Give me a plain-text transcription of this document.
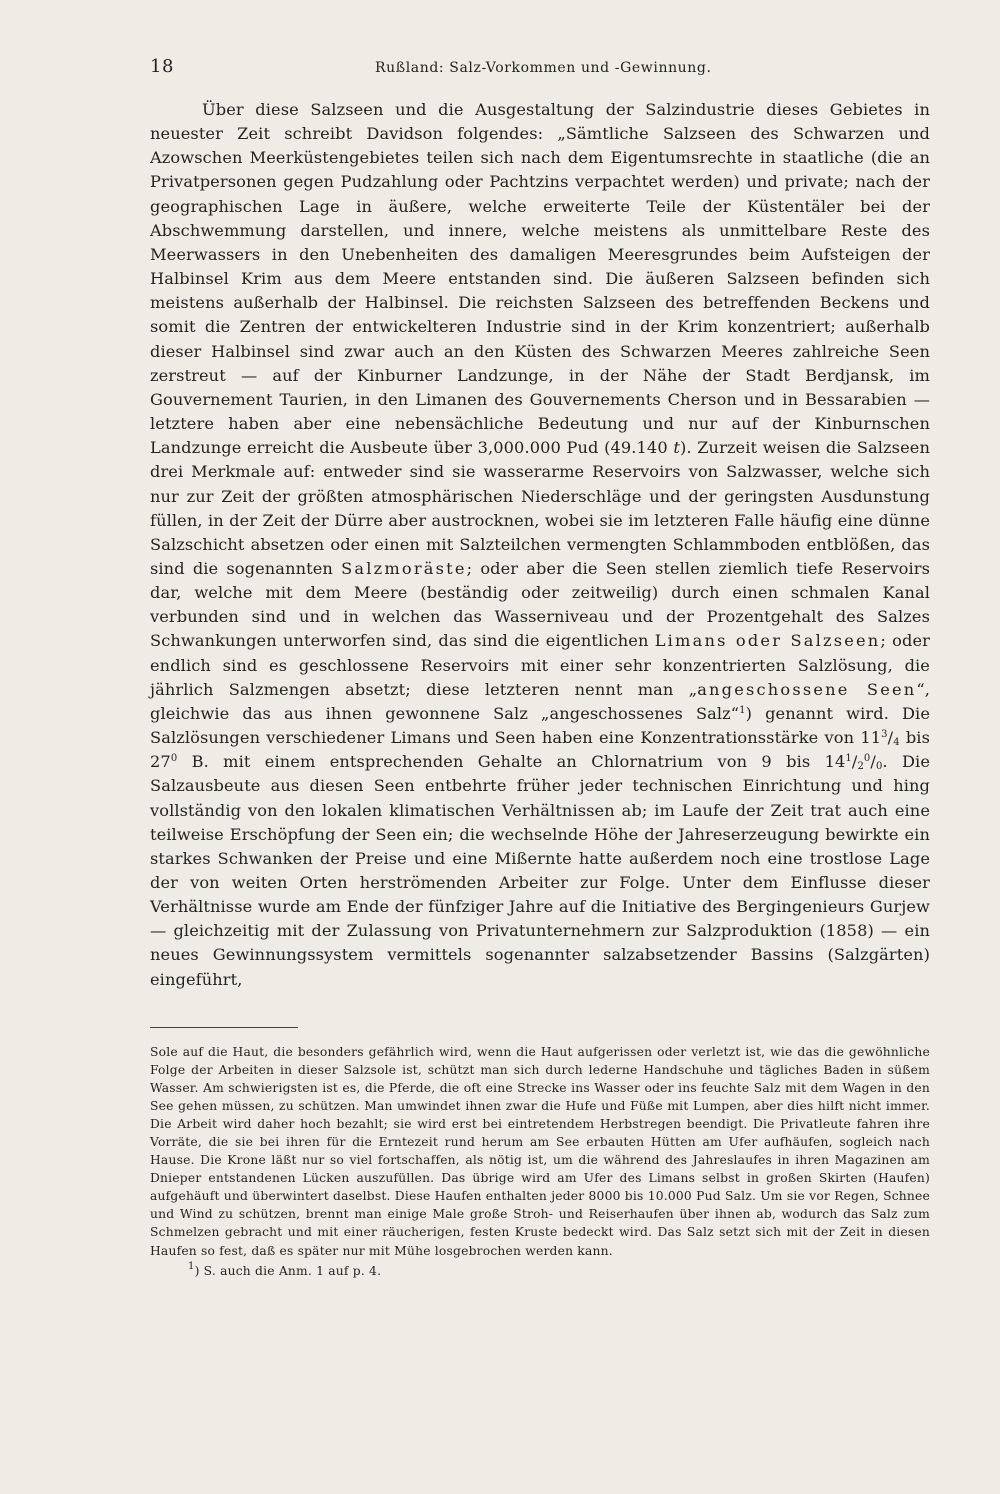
18	Rußland: Salz-Vorkommen und -Gewinnung.

Über diese Salzseen und die Ausgestaltung der Salzindustrie dieses Gebietes in neuester Zeit schreibt Davidson folgendes: „Sämtliche Salzseen des Schwarzen und Azowschen Meerküstengebietes teilen sich nach dem Eigentumsrechte in staatliche (die an Privatpersonen gegen Pudzahlung oder Pachtzins verpachtet werden) und private; nach der geographischen Lage in äußere, welche erweiterte Teile der Küstentäler bei der Abschwemmung darstellen, und innere, welche meistens als unmittelbare Reste des Meerwassers in den Unebenheiten des damaligen Meeresgrundes beim Aufsteigen der Halbinsel Krim aus dem Meere entstanden sind. Die äußeren Salzseen befinden sich meistens außerhalb der Halbinsel. Die reichsten Salzseen des betreffenden Beckens und somit die Zentren der entwickelteren Industrie sind in der Krim konzentriert; außerhalb dieser Halbinsel sind zwar auch an den Küsten des Schwarzen Meeres zahlreiche Seen zerstreut — auf der Kinburner Landzunge, in der Nähe der Stadt Berdjansk, im Gouvernement Taurien, in den Limanen des Gouvernements Cherson und in Bessarabien — letztere haben aber eine nebensächliche Bedeutung und nur auf der Kinburnschen Landzunge erreicht die Ausbeute über 3,000.000 Pud (49.140 t). Zurzeit weisen die Salzseen drei Merkmale auf: entweder sind sie wasserarme Reservoirs von Salzwasser, welche sich nur zur Zeit der größten atmosphärischen Niederschläge und der geringsten Ausdunstung füllen, in der Zeit der Dürre aber austrocknen, wobei sie im letzteren Falle häufig eine dünne Salzschicht absetzen oder einen mit Salzteilchen vermengten Schlammboden entblößen, das sind die sogenannten Salzmoräste; oder aber die Seen stellen ziemlich tiefe Reservoirs dar, welche mit dem Meere (beständig oder zeitweilig) durch einen schmalen Kanal verbunden sind und in welchen das Wasserniveau und der Prozentgehalt des Salzes Schwankungen unterworfen sind, das sind die eigentlichen Limans oder Salzseen; oder endlich sind es geschlossene Reservoirs mit einer sehr konzentrierten Salzlösung, die jährlich Salzmengen absetzt; diese letzteren nennt man „angeschossene Seen“, gleichwie das aus ihnen gewonnene Salz „angeschossenes Salz“$^1$) genannt wird. Die Salzlösungen verschiedener Limans und Seen haben eine Konzentrationsstärke von $11^3/_4$ bis $27^0$ B. mit einem entsprechenden Gehalte an Chlornatrium von 9 bis $14^1/_2^0/_0$. Die Salzausbeute aus diesen Seen entbehrte früher jeder technischen Einrichtung und hing vollständig von den lokalen klimatischen Verhältnissen ab; im Laufe der Zeit trat auch eine teilweise Erschöpfung der Seen ein; die wechselnde Höhe der Jahreserzeugung bewirkte ein starkes Schwanken der Preise und eine Mißernte hatte außerdem noch eine trostlose Lage der von weiten Orten herströmenden Arbeiter zur Folge. Unter dem Einflusse dieser Verhältnisse wurde am Ende der fünfziger Jahre auf die Initiative des Bergingenieurs Gurjew — gleichzeitig mit der Zulassung von Privatunternehmern zur Salzproduktion (1858) — ein neues Gewinnungssystem vermittels sogenannter salzabsetzender Bassins (Salzgärten) eingeführt,

Sole auf die Haut, die besonders gefährlich wird, wenn die Haut aufgerissen oder verletzt ist, wie das die gewöhnliche Folge der Arbeiten in dieser Salzsole ist, schützt man sich durch lederne Handschuhe und tägliches Baden in süßem Wasser. Am schwierigsten ist es, die Pferde, die oft eine Strecke ins Wasser oder ins feuchte Salz mit dem Wagen in den See gehen müssen, zu schützen. Man umwindet ihnen zwar die Hufe und Füße mit Lumpen, aber dies hilft nicht immer. Die Arbeit wird daher hoch bezahlt; sie wird erst bei eintretendem Herbstregen beendigt. Die Privatleute fahren ihre Vorräte, die sie bei ihren für die Erntezeit rund herum am See erbauten Hütten am Ufer aufhäufen, sogleich nach Hause. Die Krone läßt nur so viel fortschaffen, als nötig ist, um die während des Jahreslaufes in ihren Magazinen am Dnieper entstandenen Lücken auszufüllen. Das übrige wird am Ufer des Limans selbst in großen Skirten (Haufen) aufgehäuft und überwintert daselbst. Diese Haufen enthalten jeder 8000 bis 10.000 Pud Salz. Um sie vor Regen, Schnee und Wind zu schützen, brennt man einige Male große Stroh- und Reiserhaufen über ihnen ab, wodurch das Salz zum Schmelzen gebracht und mit einer räucherigen, festen Kruste bedeckt wird. Das Salz setzt sich mit der Zeit in diesen Haufen so fest, daß es später nur mit Mühe losgebrochen werden kann.

$^1$) S. auch die Anm. 1 auf p. 4.
